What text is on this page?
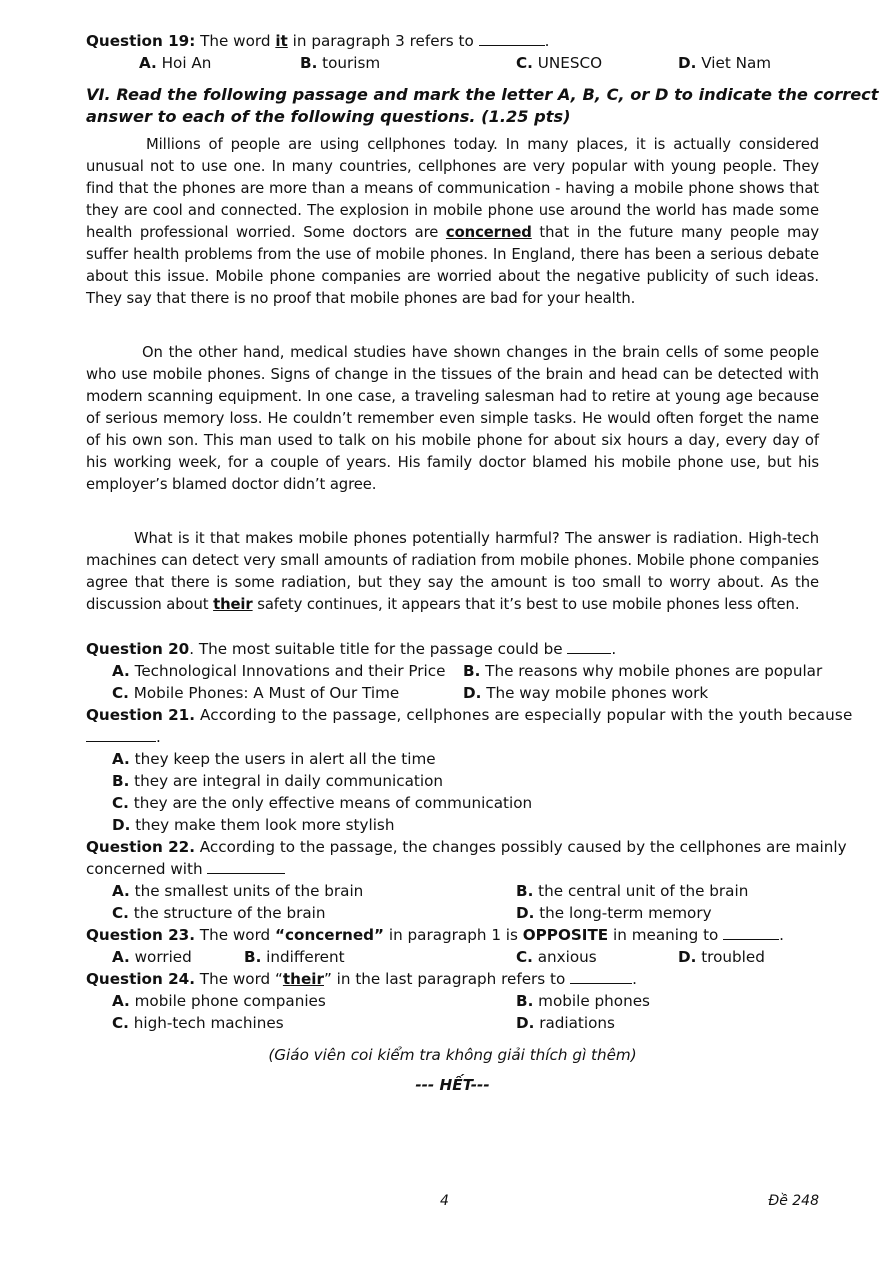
Question 19: The word it in paragraph 3 refers to	.
A. Hoi An	B. tourism	C. UNESCO	D. Viet Nam
VI. Read the following passage and mark the letter A, B, C, or D to indicate the correct
answer to each of the following questions. (1.25 pts)
Millions of people are using cellphones today. In many places, it is actually considered unusual not to use one. In many countries, cellphones are very popular with young people. They find that the phones are more than a means of communication - having a mobile phone shows that they are cool and connected. The explosion in mobile phone use around the world has made some health professional worried. Some doctors are concerned that in the future many people may suffer health problems from the use of mobile phones. In England, there has been a serious debate about this issue. Mobile phone companies are worried about the negative publicity of such ideas. They say that there is no proof that mobile phones are bad for your health.
On the other hand, medical studies have shown changes in the brain cells of some people who use mobile phones. Signs of change in the tissues of the brain and head can be detected with modern scanning equipment. In one case, a traveling salesman had to retire at young age because of serious memory loss. He couldn’t remember even simple tasks. He would often forget the name of his own son. This man used to talk on his mobile phone for about six hours a day, every day of his working week, for a couple of years. His family doctor blamed his mobile phone use, but his employer’s blamed doctor didn’t agree.
What is it that makes mobile phones potentially harmful? The answer is radiation. High-tech machines can detect very small amounts of radiation from mobile phones. Mobile phone companies agree that there is some radiation, but they say the amount is too small to worry about. As the discussion about their safety continues, it appears that it’s best to use mobile phones less often.
Question 20. The most suitable title for the passage could be	.
A. Technological Innovations and their Price B. The reasons why mobile phones are popular
C. Mobile Phones: A Must of Our Time	D. The way mobile phones work
Question 21. According to the passage, cellphones are especially popular with the youth because
.
A. they keep the users in alert all the time
B. they are integral in daily communication
C. they are the only effective means of communication
D. they make them look more stylish
Question 22. According to the passage, the changes possibly caused by the cellphones are mainly
concerned with
A. the smallest units of the brain	B. the central unit of the brain
C. the structure of the brain	D. the long-term memory
Question 23. The word “concerned” in paragraph 1 is OPPOSITE in meaning to	.
A. worried	B. indifferent	C. anxious	D. troubled
Question 24. The word “their” in the last paragraph refers to	.
A. mobile phone companies	B. mobile phones
C. high-tech machines	D. radiations
(Giáo viên coi kiểm tra không giải thích gì thêm)
--- HẾT---
4	Đề 248
